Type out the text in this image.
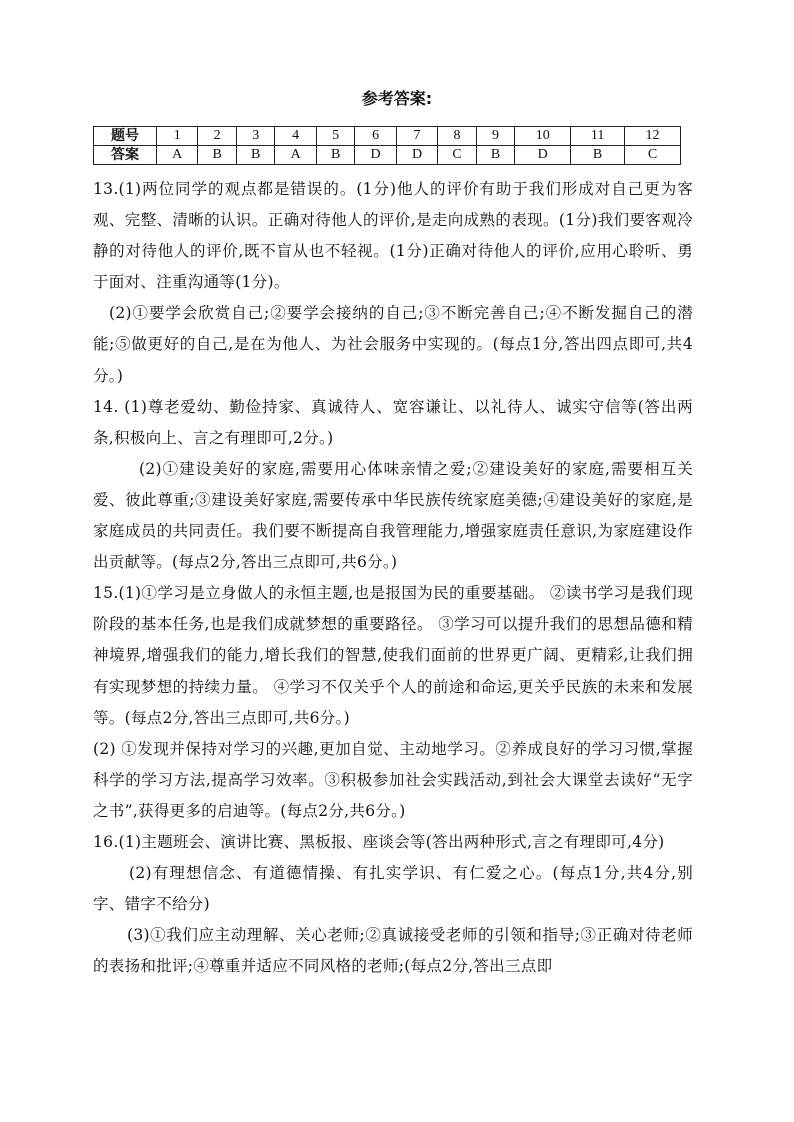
参考答案:
题号	1	2	3	4	5	6	7	8	9	10	11	12
答案	A	B	B	A	B	D	D	C	B	D	B	C

13.(1)两位同学的观点都是错误的。(1分)他人的评价有助于我们形成对自己更为客观、完整、清晰的认识。正确对待他人的评价,是走向成熟的表现。(1分)我们要客观冷静的对待他人的评价,既不盲从也不轻视。(1分)正确对待他人的评价,应用心聆听、勇于面对、注重沟通等(1分)。

(2)①要学会欣赏自己;②要学会接纳的自己;③不断完善自己;④不断发掘自己的潜能;⑤做更好的自己,是在为他人、为社会服务中实现的。(每点1分,答出四点即可,共4分。)

14. (1)尊老爱幼、勤俭持家、真诚待人、宽容谦让、以礼待人、诚实守信等(答出两条,积极向上、言之有理即可,2分。)

(2)①建设美好的家庭,需要用心体味亲情之爱;②建设美好的家庭,需要相互关爱、彼此尊重;③建设美好家庭,需要传承中华民族传统家庭美德;④建设美好的家庭,是家庭成员的共同责任。我们要不断提高自我管理能力,增强家庭责任意识,为家庭建设作出贡献等。(每点2分,答出三点即可,共6分。)

15.(1)①学习是立身做人的永恒主题,也是报国为民的重要基础。 ②读书学习是我们现阶段的基本任务,也是我们成就梦想的重要路径。 ③学习可以提升我们的思想品德和精神境界,增强我们的能力,增长我们的智慧,使我们面前的世界更广阔、更精彩,让我们拥有实现梦想的持续力量。 ④学习不仅关乎个人的前途和命运,更关乎民族的未来和发展等。(每点2分,答出三点即可,共6分。)

(2) ①发现并保持对学习的兴趣,更加自觉、主动地学习。②养成良好的学习习惯,掌握科学的学习方法,提高学习效率。③积极参加社会实践活动,到社会大课堂去读好“无字之书”,获得更多的启迪等。(每点2分,共6分。)

16.(1)主题班会、演讲比赛、黑板报、座谈会等(答出两种形式,言之有理即可,4分)

(2)有理想信念、有道德情操、有扎实学识、有仁爱之心。(每点1分,共4分,别字、错字不给分)

(3)①我们应主动理解、关心老师;②真诚接受老师的引领和指导;③正确对待老师的表扬和批评;④尊重并适应不同风格的老师;(每点2分,答出三点即
